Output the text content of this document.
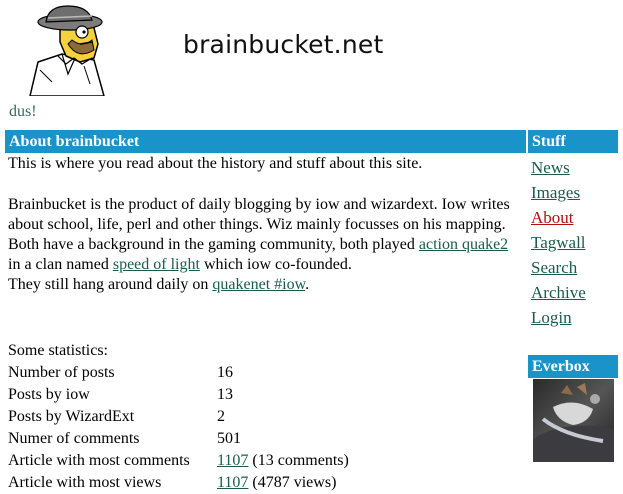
brainbucket.net
dus!
About brainbucket	Stuff
Everbox

This is where you read about the history and stuff about this site.

Brainbucket is the product of daily blogging by iow and wizardext. Iow writes about school, life, perl and other things. Wiz mainly focusses on his mapping.

Both have a background in the gaming community, both played action quake2 in a clan named speed of light which iow co-founded.

They still hang around daily on quakenet #iow.

Some statistics:
Number of posts	16
Posts by iow	13
Posts by WizardExt	2
Numer of comments	501
Article with most comments	1107 (13 comments)
Article with most views	1107 (4787 views)
News
Images
About
Tagwall
Search
Archive
Login
